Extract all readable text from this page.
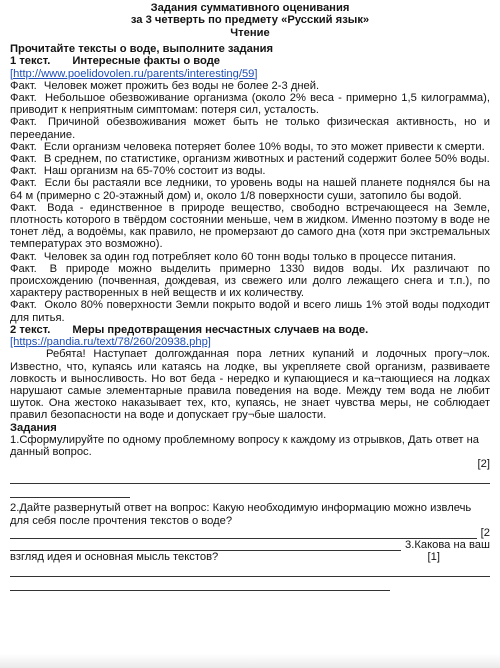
Задания суммативного оценивания
за 3 четверть по предмету «Русский язык»
Чтение
Прочитайте тексты о воде, выполните задания
1 текст. Интересные факты о воде
[http://www.poelidovolen.ru/parents/interesting/59]
Факт. Человек может прожить без воды не более 2-3 дней.
Факт. Небольшое обезвоживание организма (около 2% веса - примерно 1,5 килограмма), приводит к неприятным симптомам: потеря сил, усталость.
Факт. Причиной обезвоживания может быть не только физическая активность, но и переедание.
Факт. Если организм человека потеряет более 10% воды, то это может привести к смерти.
Факт. В среднем, по статистике, организм животных и растений содержит более 50% воды.
Факт. Наш организм на 65-70% состоит из воды.
Факт. Если бы растаяли все ледники, то уровень воды на нашей планете поднялся бы на 64 м (примерно с 20-этажный дом) и, около 1/8 поверхности суши, затопило бы водой.
Факт. Вода - единственное в природе вещество, свободно встречающееся на Земле, плотность которого в твёрдом состоянии меньше, чем в жидком. Именно поэтому в воде не тонет лёд, а водоёмы, как правило, не промерзают до самого дна (хотя при экстремальных температурах это возможно).
Факт. Человек за один год потребляет коло 60 тонн воды только в процессе питания.
Факт. В природе можно выделить примерно 1330 видов воды. Их различают по происхождению (почвенная, дождевая, из свежего или долго лежащего снега и т.п.), по характеру растворенных в ней веществ и их количеству.
Факт. Около 80% поверхности Земли покрыто водой и всего лишь 1% этой воды подходит для питья.
2 текст. Меры предотвращения несчастных случаев на воде.
[https://pandia.ru/text/78/260/20938.php]
Ребята! Наступает долгожданная пора летних купаний и лодочных прогу¬лок. Известно, что, купаясь или катаясь на лодке, вы укрепляете свой организм, развиваете ловкость и выносливость. Но вот беда - нередко и купающиеся и ка¬тающиеся на лодках нарушают самые элементарные правила поведения на воде. Между тем вода не любит шуток. Она жестоко наказывает тех, кто, купаясь, не знает чувства меры, не соблюдает правил безопасности на воде и допускает гру¬бые шалости.
Задания
1.Сформулируйте по одному проблемному вопросу к каждому из отрывков, Дать ответ на данный вопрос.
[2]
2.Дайте развернутый ответ на вопрос: Какую необходимую информацию можно извлечь для себя после прочтения текстов о воде?
[2
3.Какова на ваш
взгляд идея и основная мысль текстов?	[1]
